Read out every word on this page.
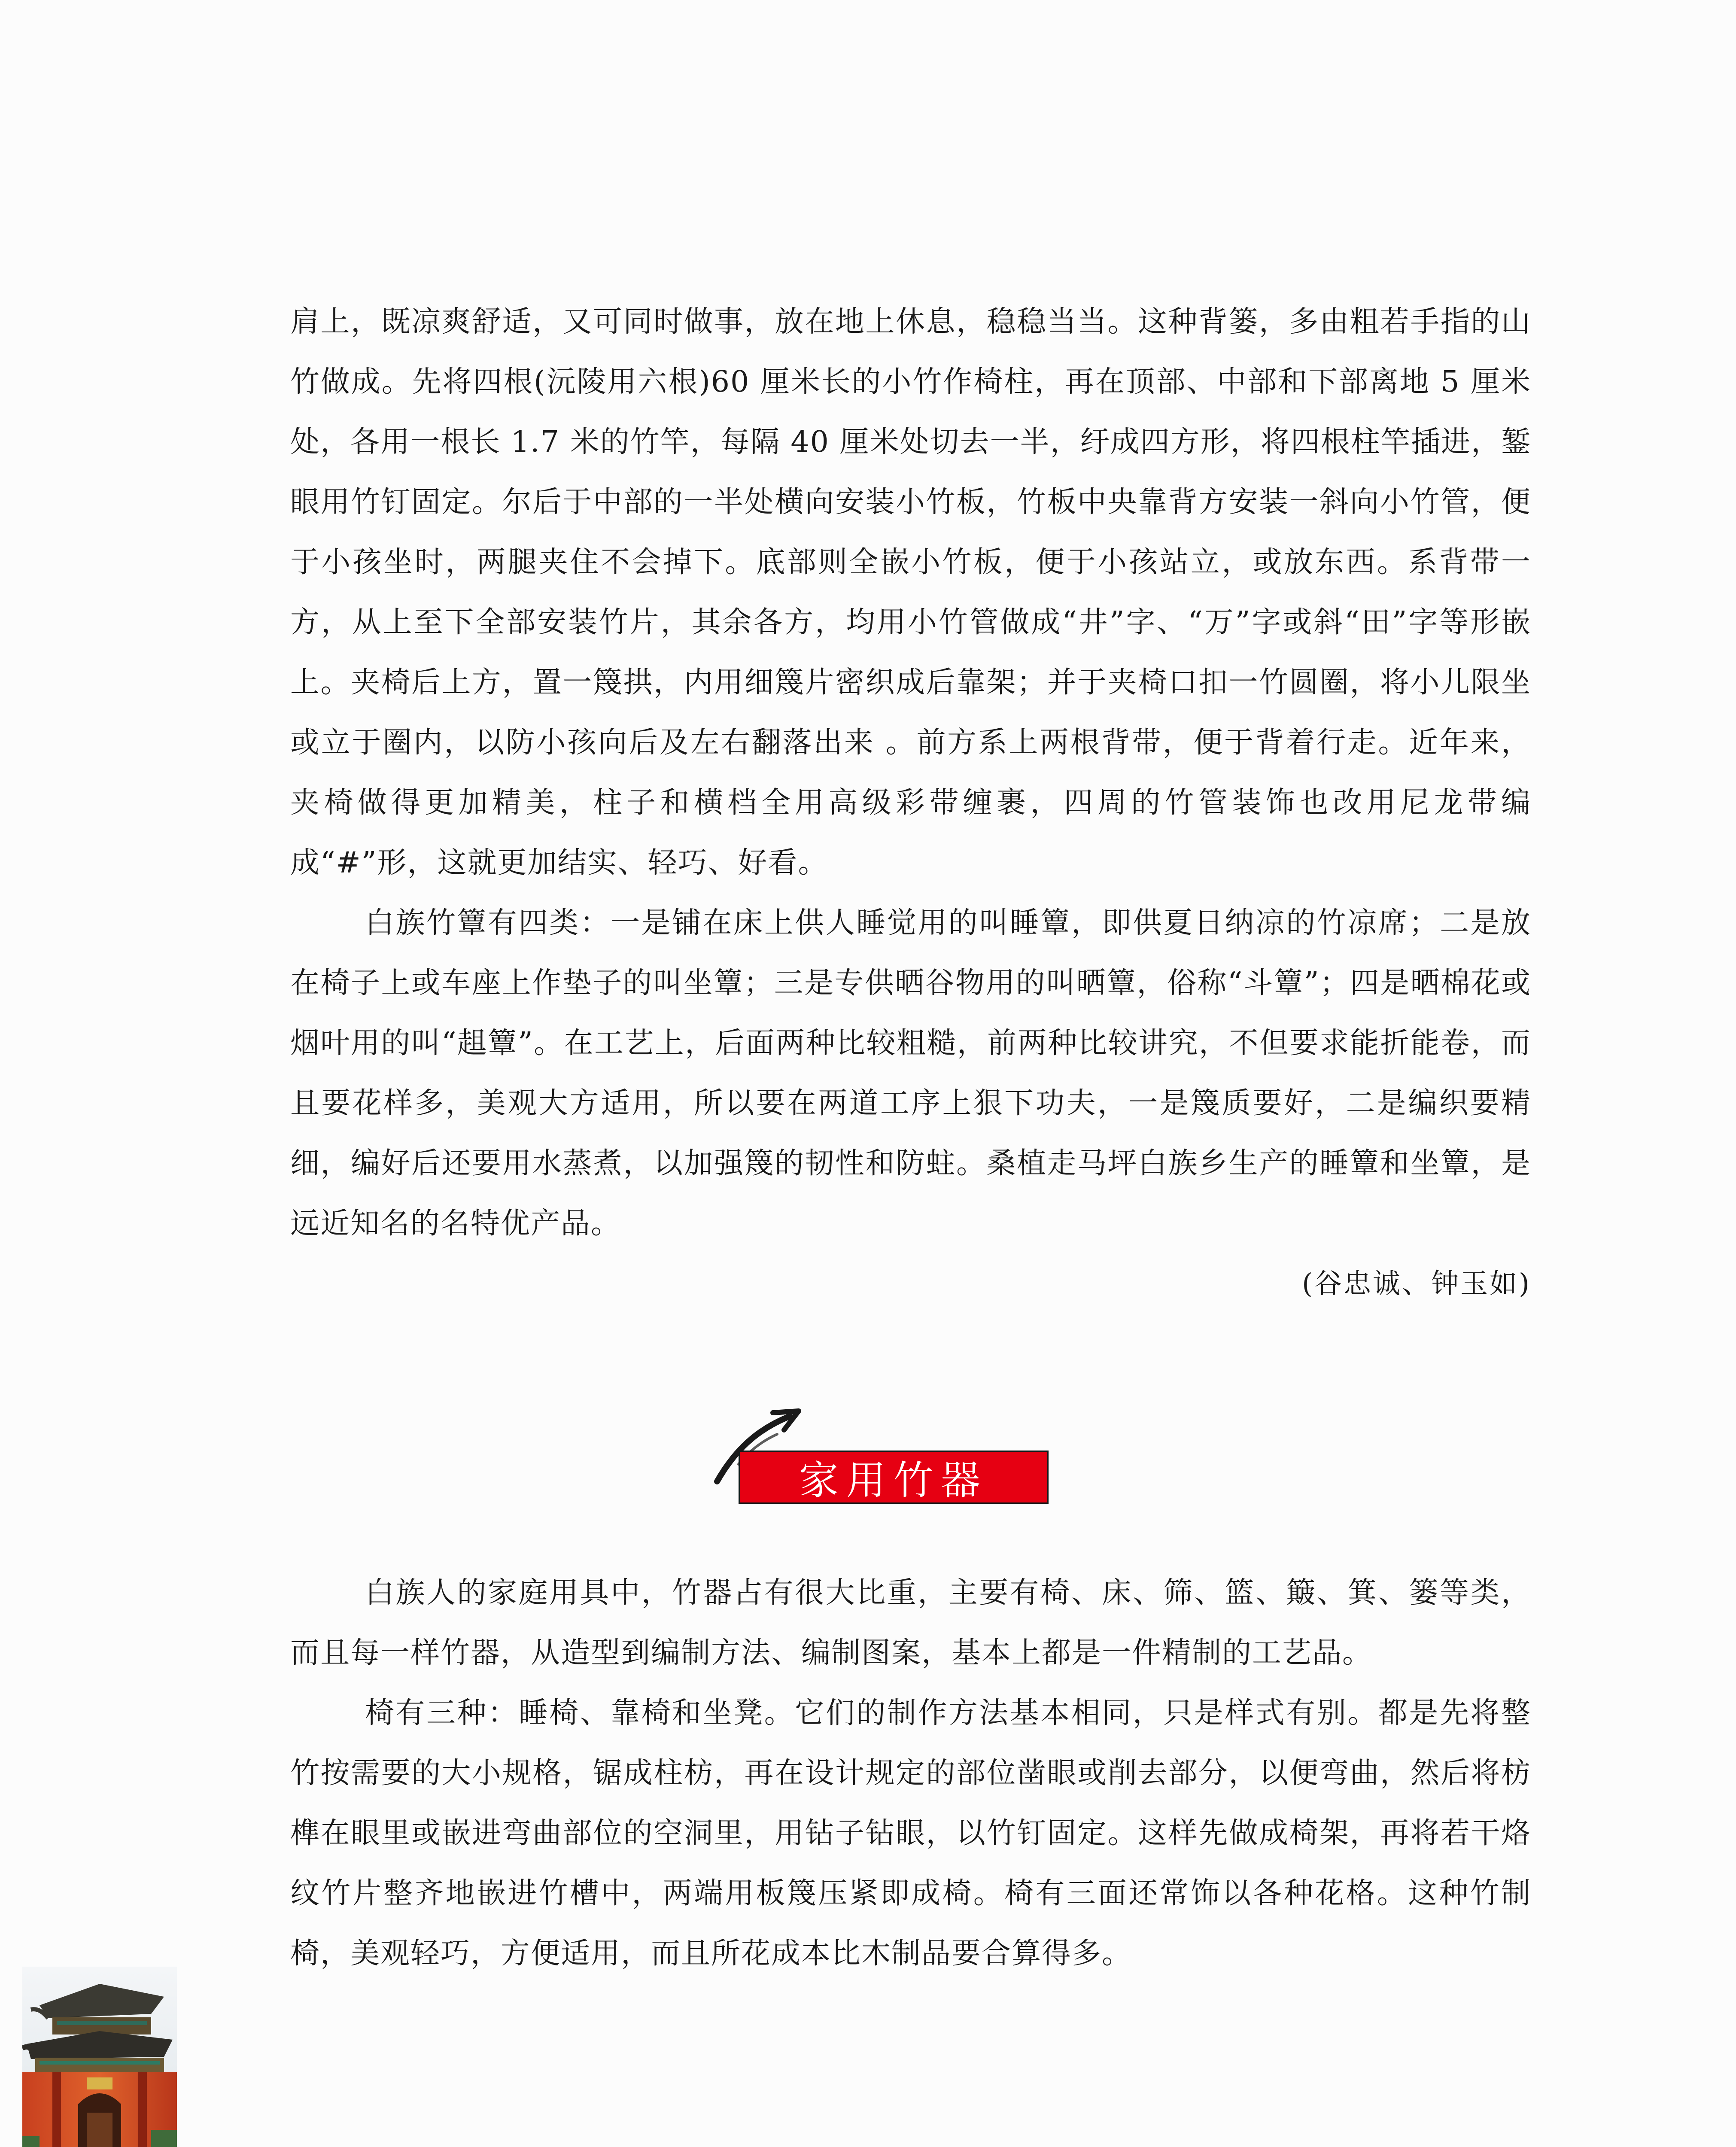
肩上，既凉爽舒适，又可同时做事，放在地上休息，稳稳当当。这种背篓，多由粗若手指的山竹做成。先将四根(沅陵用六根)60 厘米长的小竹作椅柱，再在顶部、中部和下部离地 5 厘米处，各用一根长 1.7 米的竹竿，每隔 40 厘米处切去一半，纡成四方形，将四根柱竿插进，錾眼用竹钉固定。尔后于中部的一半处横向安装小竹板，竹板中央靠背方安装一斜向小竹管，便于小孩坐时，两腿夹住不会掉下。底部则全嵌小竹板，便于小孩站立，或放东西。系背带一方，从上至下全部安装竹片，其余各方，均用小竹管做成“井”字、“万”字或斜“田”字等形嵌上。夹椅后上方，置一篾拱，内用细篾片密织成后靠架；并于夹椅口扣一竹圆圈，将小儿限坐或立于圈内，以防小孩向后及左右翻落出来 。前方系上两根背带，便于背着行走。近年来，夹椅做得更加精美，柱子和横档全用高级彩带缠裹，四周的竹管装饰也改用尼龙带编成“#”形，这就更加结实、轻巧、好看。

白族竹簟有四类：一是铺在床上供人睡觉用的叫睡簟，即供夏日纳凉的竹凉席；二是放在椅子上或车座上作垫子的叫坐簟；三是专供晒谷物用的叫晒簟，俗称“斗簟”；四是晒棉花或烟叶用的叫“趄簟”。在工艺上，后面两种比较粗糙，前两种比较讲究，不但要求能折能卷，而且要花样多，美观大方适用，所以要在两道工序上狠下功夫，一是篾质要好，二是编织要精细，编好后还要用水蒸煮，以加强篾的韧性和防蛀。桑植走马坪白族乡生产的睡簟和坐簟，是远近知名的名特优产品。

(谷忠诚、钟玉如)

家用竹器

白族人的家庭用具中，竹器占有很大比重，主要有椅、床、筛、篮、簸、箕、篓等类，而且每一样竹器，从造型到编制方法、编制图案，基本上都是一件精制的工艺品。

椅有三种：睡椅、靠椅和坐凳。它们的制作方法基本相同，只是样式有别。都是先将整竹按需要的大小规格，锯成柱枋，再在设计规定的部位凿眼或削去部分，以便弯曲，然后将枋榫在眼里或嵌进弯曲部位的空洞里，用钻子钻眼，以竹钉固定。这样先做成椅架，再将若干烙纹竹片整齐地嵌进竹槽中，两端用板篾压紧即成椅。椅有三面还常饰以各种花格。这种竹制椅，美观轻巧，方便适用，而且所花成本比木制品要合算得多。
